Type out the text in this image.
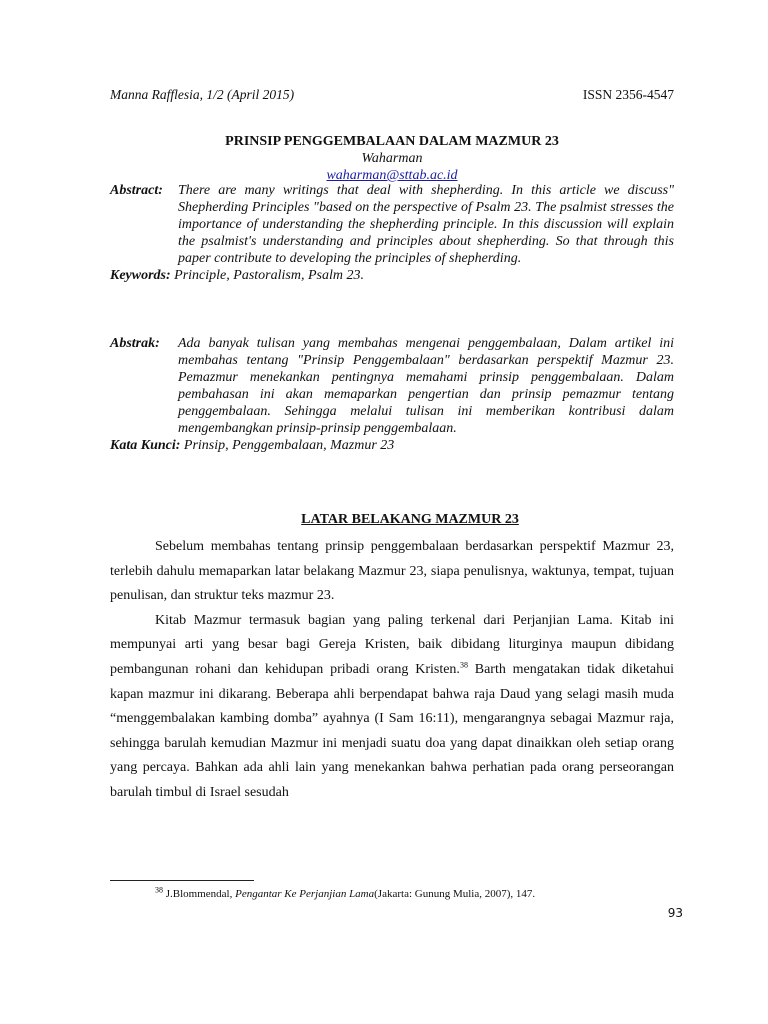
Manna Rafflesia, 1/2 (April 2015)	ISSN 2356-4547
PRINSIP PENGGEMBALAAN DALAM MAZMUR 23
Waharman
waharman@sttab.ac.id
Abstract:	There are many writings that deal with shepherding. In this article we discuss" Shepherding Principles "based on the perspective of Psalm 23. The psalmist stresses the importance of understanding the shepherding principle. In this discussion will explain the psalmist's understanding and principles about shepherding. So that through this paper contribute to developing the principles of shepherding.
Keywords: Principle, Pastoralism, Psalm 23.
Abstrak:	Ada banyak tulisan yang membahas mengenai penggembalaan, Dalam artikel ini membahas tentang "Prinsip Penggembalaan" berdasarkan perspektif Mazmur 23. Pemazmur menekankan pentingnya memahami prinsip penggembalaan. Dalam pembahasan ini akan memaparkan pengertian dan prinsip pemazmur tentang penggembalaan. Sehingga melalui tulisan ini memberikan kontribusi dalam mengembangkan prinsip-prinsip penggembalaan.
Kata Kunci: Prinsip, Penggembalaan, Mazmur 23
LATAR BELAKANG MAZMUR 23

Sebelum membahas tentang prinsip penggembalaan berdasarkan perspektif Mazmur 23, terlebih dahulu memaparkan latar belakang Mazmur 23, siapa penulisnya, waktunya, tempat, tujuan penulisan, dan struktur teks mazmur 23.

Kitab Mazmur termasuk bagian yang paling terkenal dari Perjanjian Lama. Kitab ini mempunyai arti yang besar bagi Gereja Kristen, baik dibidang liturginya maupun dibidang pembangunan rohani dan kehidupan pribadi orang Kristen.$^{38}$ Barth mengatakan tidak diketahui kapan mazmur ini dikarang. Beberapa ahli berpendapat bahwa raja Daud yang selagi masih muda “menggembalakan kambing domba” ayahnya (I Sam 16:11), mengarangnya sebagai Mazmur raja, sehingga barulah kemudian Mazmur ini menjadi suatu doa yang dapat dinaikkan oleh setiap orang yang percaya. Bahkan ada ahli lain yang menekankan bahwa perhatian pada orang perseorangan barulah timbul di Israel sesudah

$^{38}$ J.Blommendal, Pengantar Ke Perjanjian Lama(Jakarta: Gunung Mulia, 2007), 147.
93
